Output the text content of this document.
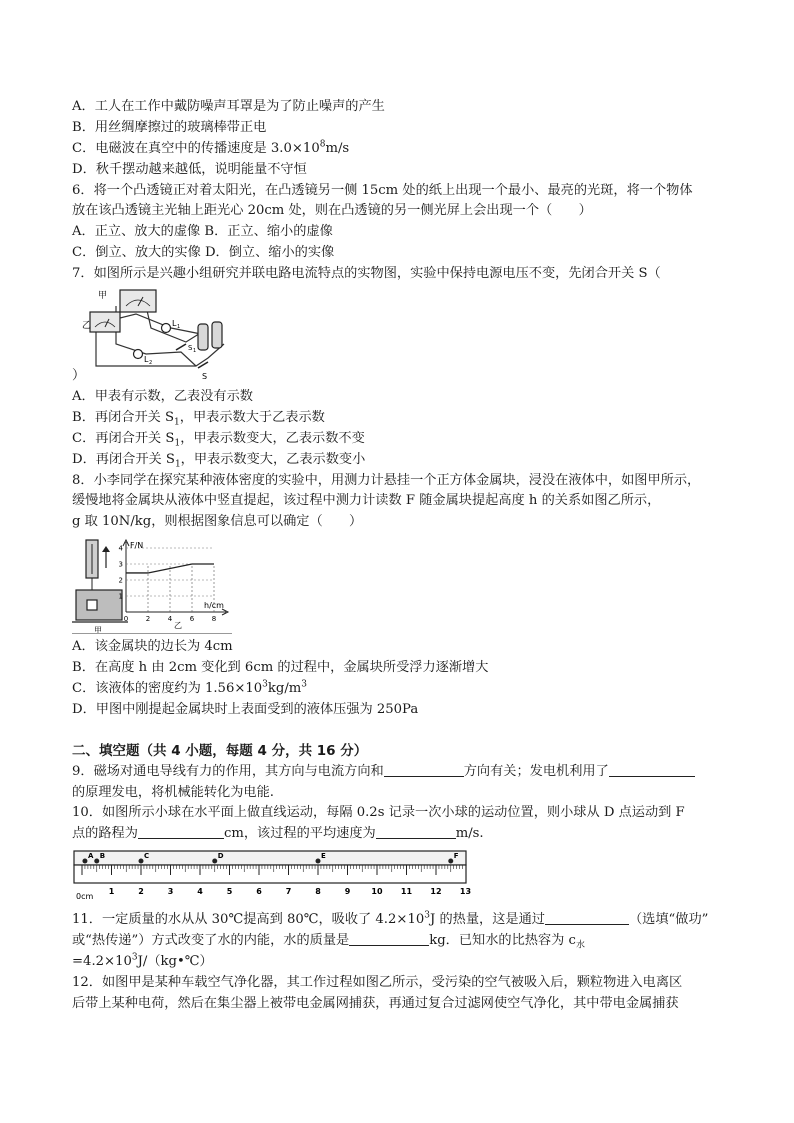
A．工人在工作中戴防噪声耳罩是为了防止噪声的产生
B．用丝绸摩擦过的玻璃棒带正电
C．电磁波在真空中的传播速度是 $3.0\times 10^8m/s$
D．秋千摆动越来越低，说明能量不守恒
6．将一个凸透镜正对着太阳光，在凸透镜另一侧 15cm 处的纸上出现一个最小、最亮的光斑，将一个物体
放在该凸透镜主光轴上距光心 20cm 处，则在凸透镜的另一侧光屏上会出现一个（　　）
A．正立、放大的虚像 B．正立、缩小的虚像
C．倒立、放大的实像 D．倒立、缩小的实像
7．如图所示是兴趣小组研究并联电路电流特点的实物图，实验中保持电源电压不变，先闭合开关 S（
甲
乙	L 1
L 2
S 1
S
）
A．甲表有示数，乙表没有示数
B．再闭合开关 $S_1$，甲表示数大于乙表示数
C．再闭合开关 $S_1$，甲表示数变大，乙表示数不变
D．再闭合开关 $S_1$，甲表示数变大，乙表示数变小
8．小李同学在探究某种液体密度的实验中，用测力计悬挂一个正方体金属块，浸没在液体中，如图甲所示，
缓慢地将金属块从液体中竖直提起，该过程中测力计读数 F 随金属块提起高度 h 的关系如图乙所示，
g 取 10N/kg，则根据图象信息可以确定（　　）
甲
0	2	4	6	8
1
2
3
4 F/N
h/cm
乙
A．该金属块的边长为 4cm
B．在高度 h 由 2cm 变化到 6cm 的过程中，金属块所受浮力逐渐增大
C．该液体的密度约为 $1.56\times 10^3kg/m^3$
D．甲图中刚提起金属块时上表面受到的液体压强为 250Pa
二、填空题（共 4 小题，每题 4 分，共 16 分）
9．磁场对通电导线有力的作用，其方向与电流方向和	方向有关；发电机利用了
的原理发电，将机械能转化为电能.
10．如图所示小球在水平面上做直线运动，每隔 0.2s 记录一次小球的运动位置，则小球从 D 点运动到 F
点的路程为	cm，该过程的平均速度为	m/s.
A B	C	D	E	F
1	2	3	4	5	6	7	8	9	10 11 12 13
0cm
11．一定质量的水从从 30℃提高到 80℃，吸收了 $4.2\times 10^3J$ 的热量，这是通过	（选填“做功”
或“热传递”）方式改变了水的内能，水的质量是	kg．已知水的比热容为 $c_水$
$=4.2\times 10^3J/(kg•℃)$
12．如图甲是某种车载空气净化器，其工作过程如图乙所示，受污染的空气被吸入后，颗粒物进入电离区
后带上某种电荷，然后在集尘器上被带电金属网捕获，再通过复合过滤网使空气净化，其中带电金属捕获
